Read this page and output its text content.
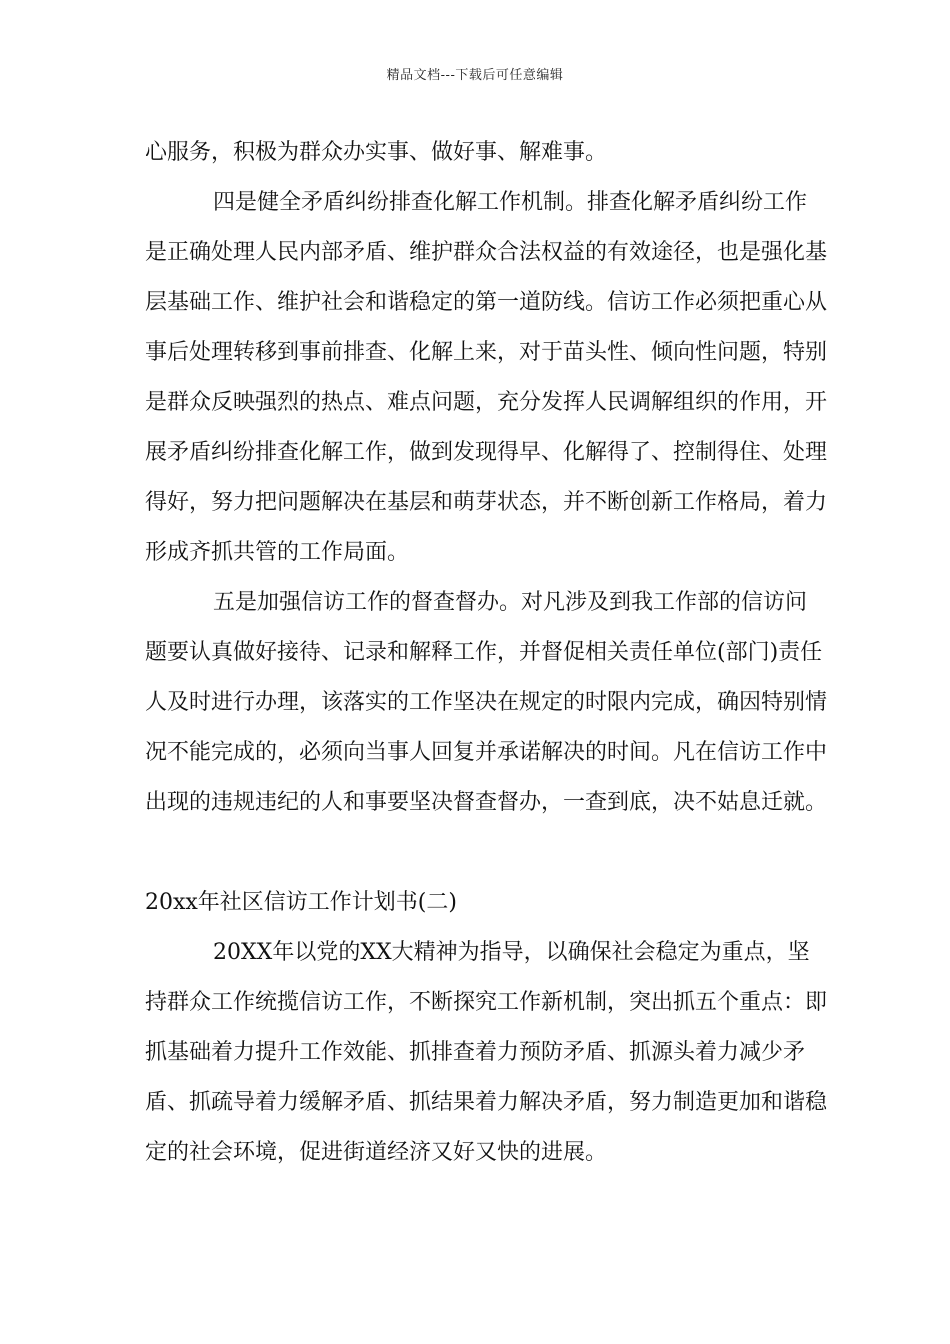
精品文档---下载后可任意编辑

心服务，积极为群众办实事、做好事、解难事。

四是健全矛盾纠纷排查化解工作机制。排查化解矛盾纠纷工作是正确处理人民内部矛盾、维护群众合法权益的有效途径，也是强化基层基础工作、维护社会和谐稳定的第一道防线。信访工作必须把重心从事后处理转移到事前排查、化解上来，对于苗头性、倾向性问题，特别是群众反映强烈的热点、难点问题，充分发挥人民调解组织的作用，开展矛盾纠纷排查化解工作，做到发现得早、化解得了、控制得住、处理得好，努力把问题解决在基层和萌芽状态，并不断创新工作格局，着力形成齐抓共管的工作局面。

五是加强信访工作的督查督办。对凡涉及到我工作部的信访问题要认真做好接待、记录和解释工作，并督促相关责任单位(部门)责任人及时进行办理，该落实的工作坚决在规定的时限内完成，确因特别情况不能完成的，必须向当事人回复并承诺解决的时间。凡在信访工作中出现的违规违纪的人和事要坚决督查督办，一查到底，决不姑息迁就。

20xx年社区信访工作计划书(二)

20XX年以党的XX大精神为指导，以确保社会稳定为重点，坚持群众工作统揽信访工作，不断探究工作新机制，突出抓五个重点：即抓基础着力提升工作效能、抓排查着力预防矛盾、抓源头着力减少矛盾、抓疏导着力缓解矛盾、抓结果着力解决矛盾，努力制造更加和谐稳定的社会环境，促进街道经济又好又快的进展。
